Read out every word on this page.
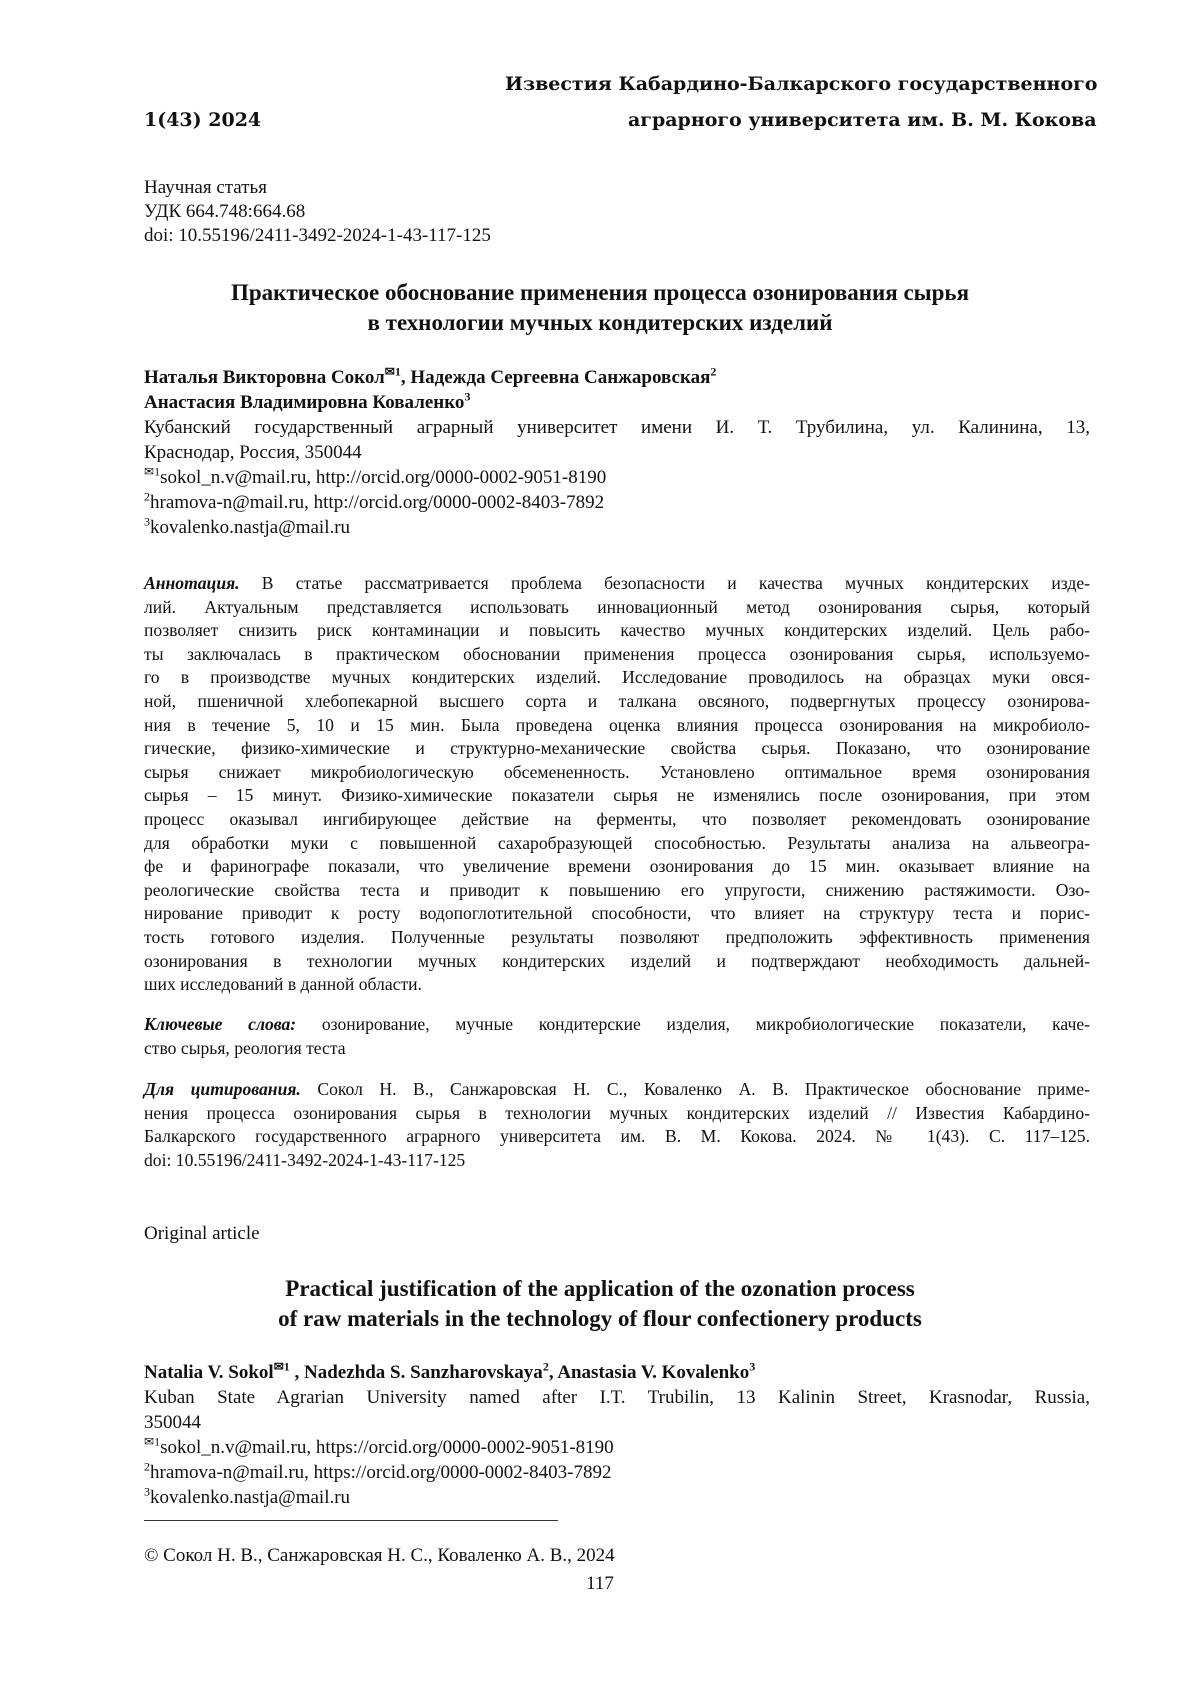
Известия Кабардино-Балкарского государственного
1(43) 2024	аграрного университета им. В. М. Кокова
Научная статья
УДК 664.748:664.68
doi: 10.55196/2411-3492-2024-1-43-117-125
Практическое обоснование применения процесса озонирования сырья
в технологии мучных кондитерских изделий
Наталья Викторовна Сокол$^{✉1}$, Надежда Сергеевна Санжаровская$^2$
Анастасия Владимировна Коваленко$^3$
Кубанский государственный аграрный университет имени И. Т. Трубилина, ул. Калинина, 13,
Краснодар, Россия, 350044
$^{✉1}$sokol_n.v@mail.ru, http://orcid.org/0000-0002-9051-8190
$^2$hramova-n@mail.ru, http://orcid.org/0000-0002-8403-7892
$^3$kovalenko.nastja@mail.ru
Аннотация. В статье рассматривается проблема безопасности и качества мучных кондитерских изде-
лий. Актуальным представляется использовать инновационный метод озонирования сырья, который
позволяет снизить риск контаминации и повысить качество мучных кондитерских изделий. Цель рабо-
ты заключалась в практическом обосновании применения процесса озонирования сырья, используемо-
го в производстве мучных кондитерских изделий. Исследование проводилось на образцах муки овся-
ной, пшеничной хлебопекарной высшего сорта и талкана овсяного, подвергнутых процессу озонирова-
ния в течение 5, 10 и 15 мин. Была проведена оценка влияния процесса озонирования на микробиоло-
гические, физико-химические и структурно-механические свойства сырья. Показано, что озонирование
сырья снижает микробиологическую обсемененность. Установлено оптимальное время озонирования
сырья – 15 минут. Физико-химические показатели сырья не изменялись после озонирования, при этом
процесс оказывал ингибирующее действие на ферменты, что позволяет рекомендовать озонирование
для обработки муки с повышенной сахаробразующей способностью. Результаты анализа на альвеогра-
фе и фаринографе показали, что увеличение времени озонирования до 15 мин. оказывает влияние на
реологические свойства теста и приводит к повышению его упругости, снижению растяжимости. Озо-
нирование приводит к росту водопоглотительной способности, что влияет на структуру теста и порис-
тость готового изделия. Полученные результаты позволяют предположить эффективность применения
озонирования в технологии мучных кондитерских изделий и подтверждают необходимость дальней-
ших исследований в данной области.
Ключевые слова: озонирование, мучные кондитерские изделия, микробиологические показатели, каче-
ство сырья, реология теста
Для цитирования. Сокол Н. В., Санжаровская Н. С., Коваленко А. В. Практическое обоснование приме-
нения процесса озонирования сырья в технологии мучных кондитерских изделий // Известия Кабардино-
Балкарского государственного аграрного университета им. В. М. Кокова. 2024. № 1(43). С. 117–125.
doi: 10.55196/2411-3492-2024-1-43-117-125
Original article
Practical justification of the application of the ozonation process
of raw materials in the technology of flour confectionery products
Natalia V. Sokol$^{✉1}$ , Nadezhda S. Sanzharovskaya$^2$, Anastasia V. Kovalenko$^3$
Kuban State Agrarian University named after I.T. Trubilin, 13 Kalinin Street, Krasnodar, Russia,
350044
$^{✉1}$sokol_n.v@mail.ru, https://orcid.org/0000-0002-9051-8190
$^2$hramova-n@mail.ru, https://orcid.org/0000-0002-8403-7892
$^3$kovalenko.nastja@mail.ru
© Сокол Н. В., Санжаровская Н. С., Коваленко А. В., 2024
117
